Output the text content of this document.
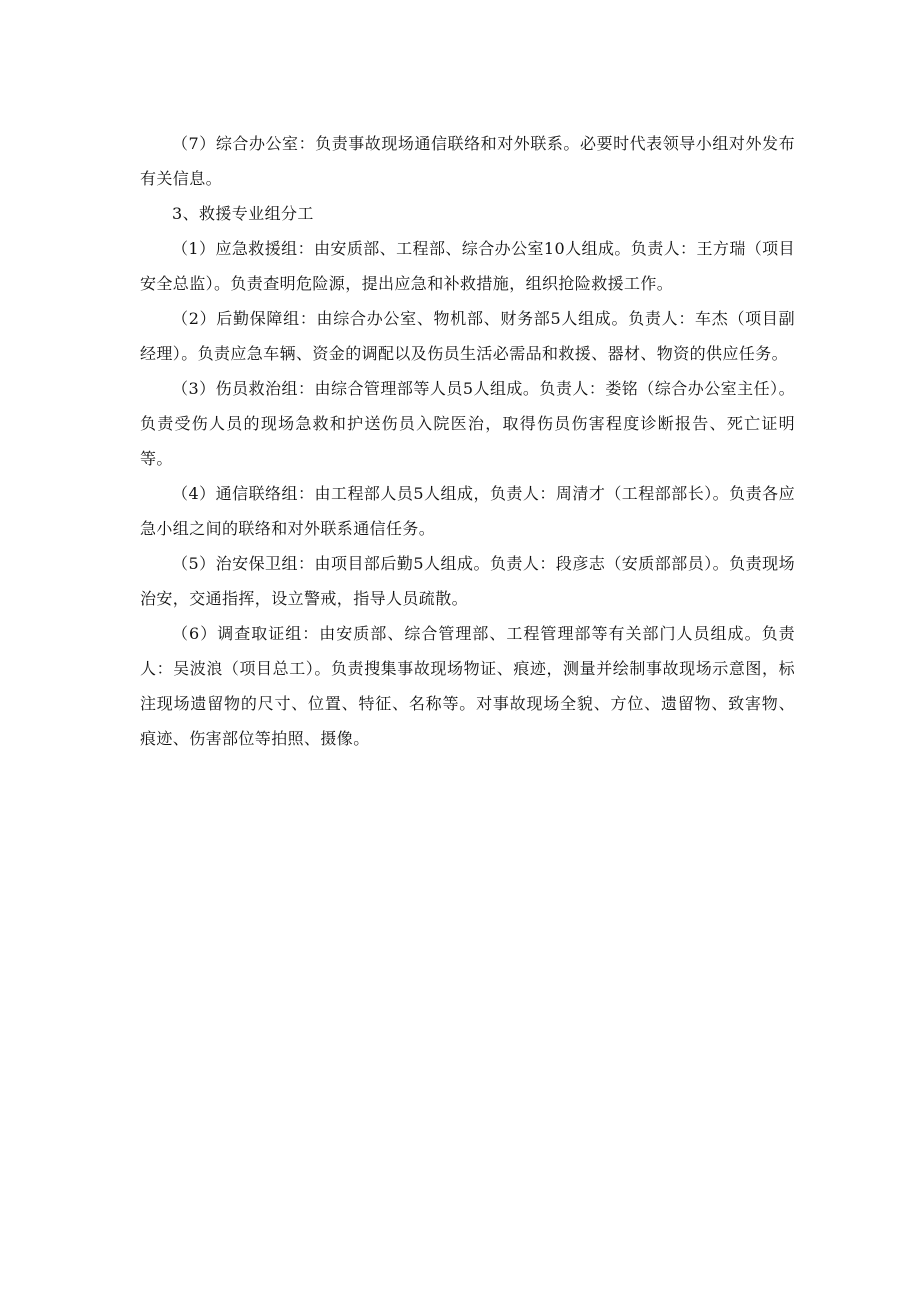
（7）综合办公室：负责事故现场通信联络和对外联系。必要时代表领导小组对外发布有关信息。

3、救援专业组分工

（1）应急救援组：由安质部、工程部、综合办公室10人组成。负责人：王方瑞（项目安全总监）。负责查明危险源，提出应急和补救措施，组织抢险救援工作。

（2）后勤保障组：由综合办公室、物机部、财务部5人组成。负责人：车杰（项目副经理）。负责应急车辆、资金的调配以及伤员生活必需品和救援、器材、物资的供应任务。

（3）伤员救治组：由综合管理部等人员5人组成。负责人：娄铭（综合办公室主任）。负责受伤人员的现场急救和护送伤员入院医治，取得伤员伤害程度诊断报告、死亡证明等。

（4）通信联络组：由工程部人员5人组成，负责人：周清才（工程部部长）。负责各应急小组之间的联络和对外联系通信任务。

（5）治安保卫组：由项目部后勤5人组成。负责人：段彦志（安质部部员）。负责现场治安，交通指挥，设立警戒，指导人员疏散。

（6）调查取证组：由安质部、综合管理部、工程管理部等有关部门人员组成。负责人：吴波浪（项目总工）。负责搜集事故现场物证、痕迹，测量并绘制事故现场示意图，标注现场遗留物的尺寸、位置、特征、名称等。对事故现场全貌、方位、遗留物、致害物、痕迹、伤害部位等拍照、摄像。
